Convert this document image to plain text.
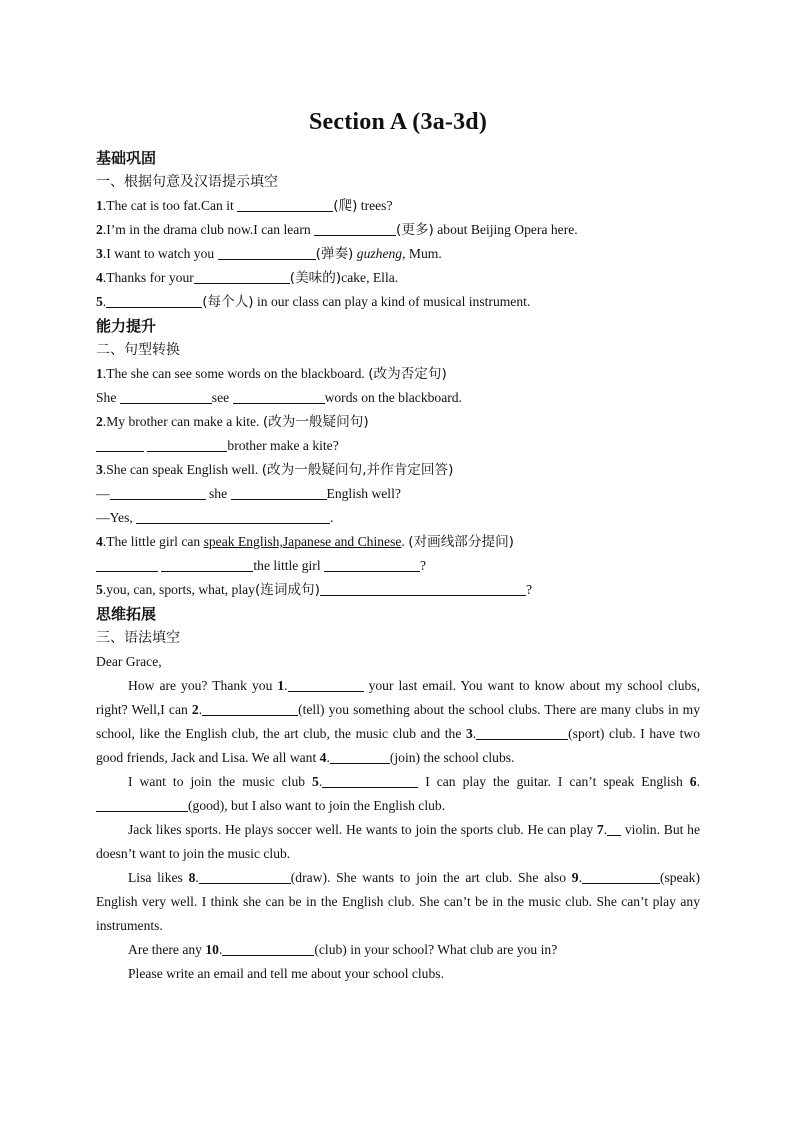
Section A (3a-3d)
基础巩固
一、根据句意及汉语提示填空
1.The cat is too fat.Can it	(爬) trees?
2.I’m in the drama club now.I can learn	(更多) about Beijing Opera here.
3.I want to watch you	(弹奏) guzheng, Mum.
4.Thanks for your	(美味的)cake, Ella.
5.	(每个人) in our class can play a kind of musical instrument.
能力提升
二、句型转换
1.The she can see some words on the blackboard. (改为否定句)
She	see	words on the blackboard.
2.My brother can make a kite. (改为一般疑问句)
brother make a kite?
3.She can speak English well. (改为一般疑问句,并作肯定回答)
—	she	English well?
—Yes,	.
4.The little girl can speak English,Japanese and Chinese. (对画线部分提问)
the little girl	?
5.you, can, sports, what, play(连词成句)	?
思维拓展
三、语法填空
Dear Grace,
How are you? Thank you 1.	your last email. You want to know about my school clubs, right? Well,I can 2.	(tell) you something about the school clubs. There are many clubs in my school, like the English club, the art club, the music club and the 3.	(sport) club. I have two good friends, Jack and Lisa. We all want 4.	(join) the school clubs.
I want to join the music club 5.	I can play the guitar. I can’t speak English 6.(good), but I also want to join the English club.
Jack likes sports. He plays soccer well. He wants to join the sports club. He can play 7. violin. But he doesn’t want to join the music club.
Lisa likes 8.	(draw). She wants to join the art club. She also 9.	(speak) English very well. I think she can be in the English club. She can’t be in the music club. She can’t play any instruments.
Are there any 10.	(club) in your school? What club are you in?
Please write an email and tell me about your school clubs.
